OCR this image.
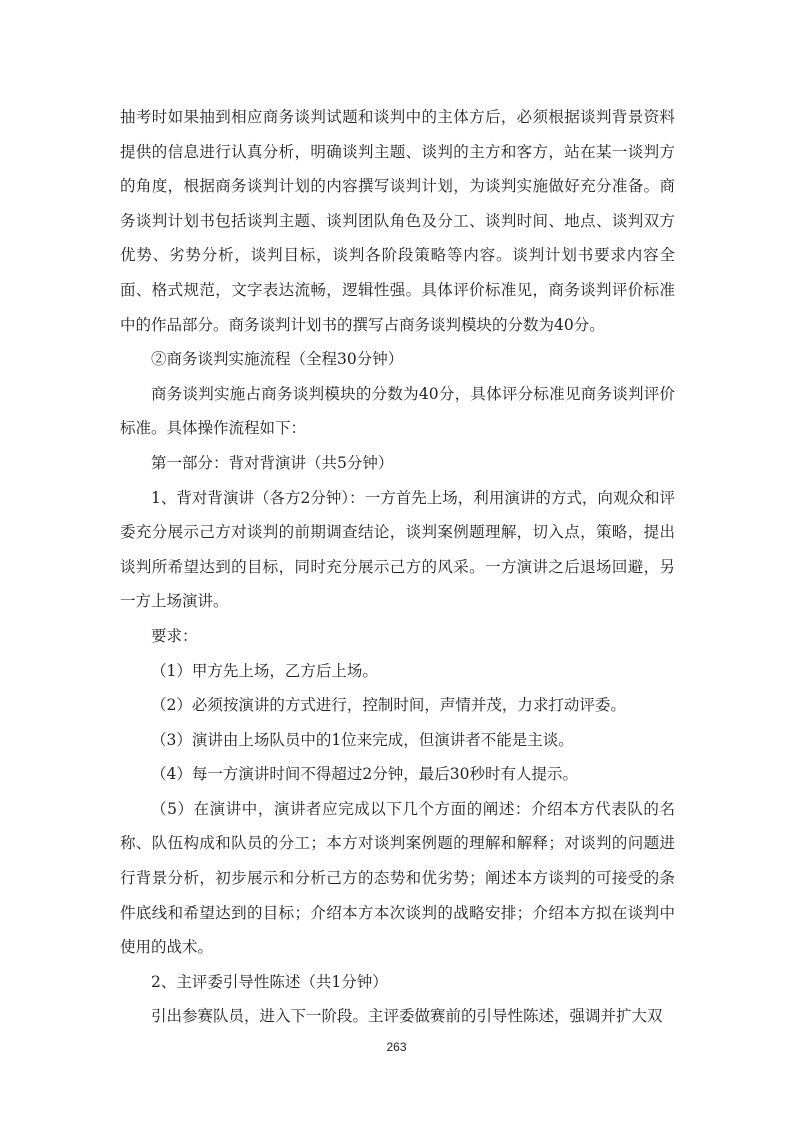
抽考时如果抽到相应商务谈判试题和谈判中的主体方后，必须根据谈判背景资料提供的信息进行认真分析，明确谈判主题、谈判的主方和客方，站在某一谈判方的角度，根据商务谈判计划的内容撰写谈判计划，为谈判实施做好充分准备。商务谈判计划书包括谈判主题、谈判团队角色及分工、谈判时间、地点、谈判双方优势、劣势分析，谈判目标，谈判各阶段策略等内容。谈判计划书要求内容全面、格式规范，文字表达流畅，逻辑性强。具体评价标准见，商务谈判评价标准中的作品部分。商务谈判计划书的撰写占商务谈判模块的分数为40分。

②商务谈判实施流程（全程30分钟）

商务谈判实施占商务谈判模块的分数为40分，具体评分标准见商务谈判评价标准。具体操作流程如下：

第一部分：背对背演讲（共5分钟）

1、背对背演讲（各方2分钟）：一方首先上场，利用演讲的方式，向观众和评委充分展示己方对谈判的前期调查结论，谈判案例题理解，切入点，策略，提出谈判所希望达到的目标，同时充分展示己方的风采。一方演讲之后退场回避，另一方上场演讲。

要求：

（1）甲方先上场，乙方后上场。

（2）必须按演讲的方式进行，控制时间，声情并茂，力求打动评委。

（3）演讲由上场队员中的1位来完成，但演讲者不能是主谈。

（4）每一方演讲时间不得超过2分钟，最后30秒时有人提示。

（5）在演讲中，演讲者应完成以下几个方面的阐述：介绍本方代表队的名称、队伍构成和队员的分工；本方对谈判案例题的理解和解释；对谈判的问题进行背景分析，初步展示和分析己方的态势和优劣势；阐述本方谈判的可接受的条件底线和希望达到的目标；介绍本方本次谈判的战略安排；介绍本方拟在谈判中使用的战术。

2、主评委引导性陈述（共1分钟）

引出参赛队员，进入下一阶段。主评委做赛前的引导性陈述，强调并扩大双

263
